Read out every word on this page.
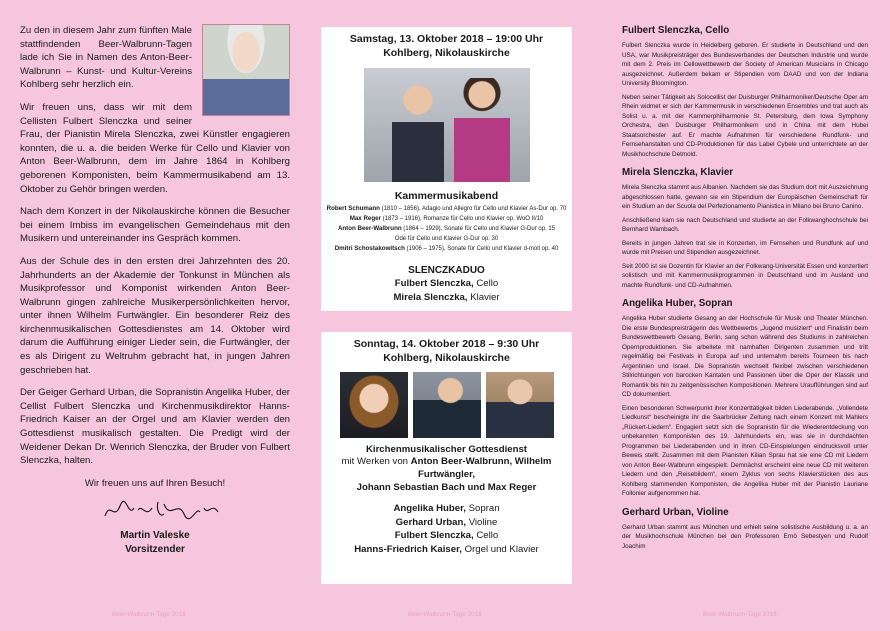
Zu den in diesem Jahr zum fünften Male stattfindenden Beer-Walbrunn-Tagen lade ich Sie in Namen des Anton-Beer-Walbrunn – Kunst- und Kultur-Vereins Kohlberg sehr herzlich ein.

Wir freuen uns, dass wir mit dem Cellisten Fulbert Slenczka und seiner Frau, der Pianistin Mirela Slenczka, zwei Künstler engagieren konnten, die u. a. die beiden Werke für Cello und Klavier von Anton Beer-Walbrunn, dem im Jahre 1864 in Kohlberg geborenen Komponisten, beim Kammermusikabend am 13. Oktober zu Gehör bringen werden.

Nach dem Konzert in der Nikolauskirche können die Besucher bei einem Imbiss im evangelischen Gemeindehaus mit den Musikern und untereinander ins Gespräch kommen.

Aus der Schule des in den ersten drei Jahrzehnten des 20. Jahrhunderts an der Akademie der Tonkunst in München als Musikprofessor und Komponist wirkenden Anton Beer-Walbrunn gingen zahlreiche Musikerpersönlichkeiten hervor, unter ihnen Wilhelm Furtwängler. Ein besonderer Reiz des kirchenmusikalischen Gottesdienstes am 14. Oktober wird darum die Aufführung einiger Lieder sein, die Furtwängler, der es als Dirigent zu Weltruhm gebracht hat, in jungen Jahren geschrieben hat.

Der Geiger Gerhard Urban, die Sopranistin Angelika Huber, der Cellist Fulbert Slenczka und Kirchenmusikdirektor Hanns-Friedrich Kaiser an der Orgel und am Klavier werden den Gottesdienst musikalisch gestalten. Die Predigt wird der Weidener Dekan Dr. Wenrich Slenczka, der Bruder von Fulbert Slenczka, halten.

Wir freuen uns auf Ihren Besuch!
Martin Valeske
Vorsitzender
Samstag, 13. Oktober 2018 – 19:00 Uhr
Kohlberg, Nikolauskirche
Kammermusikabend
Robert Schumann (1810 – 1856), Adagio und Allegro für Cello und Klavier As-Dur op. 70
Max Reger (1873 – 1916), Romanze für Cello und Klavier op. WoO II/10
Anton Beer-Walbrunn (1864 – 1929), Sonate für Cello und Klavier G-Dur op. 15
Ode für Cello und Klavier G-Dur op. 30
Dmitri Schostakowitsch (1906 – 1975), Sonate für Cello und Klavier d-moll op. 40
SLENCZKADUO
Fulbert Slenczka, Cello
Mirela Slenczka, Klavier
Sonntag, 14. Oktober 2018 – 9:30 Uhr
Kohlberg, Nikolauskirche
Kirchenmusikalischer Gottesdienst
mit Werken von Anton Beer-Walbrunn, Wilhelm Furtwängler,
Johann Sebastian Bach und Max Reger
Angelika Huber, Sopran
Gerhard Urban, Violine
Fulbert Slenczka, Cello
Hanns-Friedrich Kaiser, Orgel und Klavier
Fulbert Slenczka, Cello

Fulbert Slenczka wurde in Heidelberg geboren. Er studierte in Deutschland und den USA, war Musikpreisträger des Bundesverbandes der Deutschen Industrie und wurde mit dem 2. Preis im Cellowettbewerb der Society of American Musicians in Chicago ausgezeichnet. Außerdem bekam er Stipendien vom DAAD und von der Indiana University Bloomington.

Neben seiner Tätigkeit als Solocellist der Duisburger Philharmoniker/Deutsche Oper am Rhein widmet er sich der Kammermusik in verschiedenen Ensembles und trat auch als Solist u. a. mit der Kammerphilharmonie St. Petersburg, dem Iowa Symphony Orchestra, den Duisburger Philharmonikern und in China mit dem Hubei Staatsorchester auf. Er machte Aufnahmen für verschiedene Rundfunk- und Fernsehanstalten und CD-Produktionen für das Label Cybele und unterrichtete an der Musikhochschule Detmold.

Mirela Slenczka, Klavier

Mirela Slenczka stammt aus Albanien. Nachdem sie das Studium dort mit Auszeichnung abgeschlossen hatte, gewann sie ein Stipendium der Europäischen Gemeinschaft für ein Studium an der Scuola del Perfezionamento Pianistica in Milano bei Bruno Canino.

Anschließend kam sie nach Deutschland und studierte an der Folkwanghochschule bei Bernhard Wambach.

Bereits in jungen Jahren trat sie in Konzerten, im Fernsehen und Rundfunk auf und wurde mit Preisen und Stipendien ausgezeichnet.

Seit 2000 ist sie Dozentin für Klavier an der Folkwang-Universität Essen und konzertiert solistisch und mit Kammermusikprogrammen in Deutschland und im Ausland und machte Rundfunk- und CD-Aufnahmen.

Angelika Huber, Sopran

Angelika Huber studierte Gesang an der Hochschule für Musik und Theater München. Die erste Bundespreisträgerin des Wettbewerbs „Jugend musiziert“ und Finalistin beim Bundeswettbewerb Gesang, Berlin, sang schon während des Studiums in zahlreichen Opernproduktionen. Sie arbeitete mit namhaften Dirigenten zusammen und tritt regelmäßig bei Festivals in Europa auf und unternahm bereits Tourneen bis nach Argentinien und Israel. Die Sopranistin wechselt flexibel zwischen verschiedenen Stilrichtungen von barocken Kantaten und Passionen über die Oper der Klassik und Romantik bis hin zu zeitgenössischen Kompositionen. Mehrere Uraufführungen sind auf CD dokumentiert.

Einen besonderen Schwerpunkt ihrer Konzerttätigkeit bilden Liederabende. „Vollendete Liedkunst“ bescheinigte ihr die Saarbrücker Zeitung nach einem Konzert mit Mahlers „Rückert-Liedern“. Engagiert setzt sich die Sopranistin für die Wiederentdeckung von unbekannten Komponisten des 19. Jahrhunderts ein, was sie in durchdachten Programmen bei Liederabenden und in ihren CD-Einspielungen eindrucksvoll unter Beweis stellt. Zusammen mit dem Pianisten Kilian Sprau hat sie eine CD mit Liedern von Anton Beer-Walbrunn eingespielt. Demnächst erscheint eine neue CD mit weiteren Liedern und den „Reisebildern“, einem Zyklus von sechs Klavierstücken des aus Kohlberg stammenden Komponisten, die Angelika Huber mit der Pianistin Lauriane Follonier aufgenommen hat.

Gerhard Urban, Violine

Gerhard Urban stammt aus München und erhielt seine solistische Ausbildung u. a. an der Musikhochschule München bei den Professoren Ernö Sebestyen und Rudolf Joachim

Beer-Walbrunn-Tage 2018	Beer-Walbrunn-Tage 2018	Beer-Walbrunn-Tage 2018
